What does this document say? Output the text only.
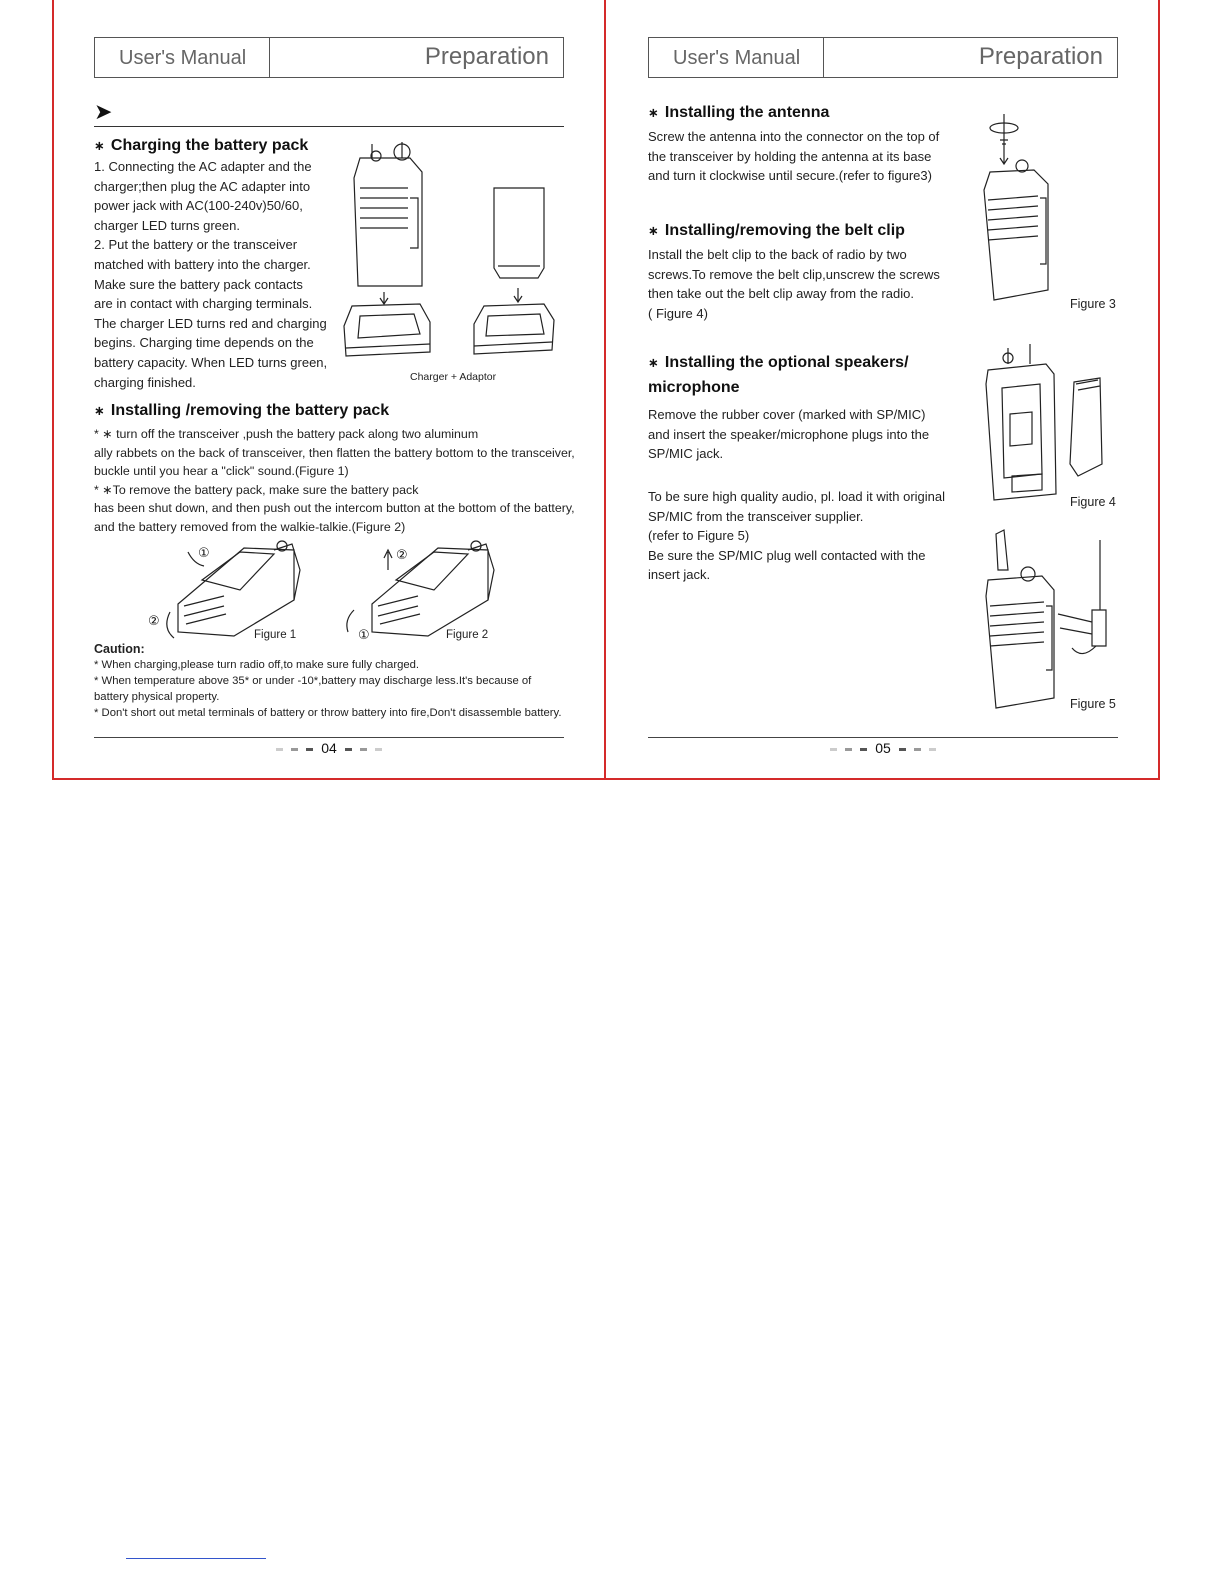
User's Manual	Preparation
➤
∗ Charging the battery pack
1. Connecting the AC adapter and the
charger;then plug the AC adapter into
power jack with AC(100-240v)50/60,
charger LED turns green.
2. Put the battery or the transceiver
matched with battery into the charger.
Make sure the battery pack contacts
are in contact with charging terminals.
The charger LED turns red and charging
begins. Charging time depends on the
battery capacity. When LED turns green,
charging finished.	Charger + Adaptor
∗ Installing /removing the battery pack
* ∗ turn off the transceiver ,push the battery pack along two aluminum
ally rabbets on the back of transceiver, then flatten the battery bottom to the transceiver,
buckle until you hear a "click" sound.(Figure 1)
* ∗To remove the battery pack, make sure the battery pack
has been shut down, and then push out the intercom button at the bottom of the battery,
and the battery removed from the walkie-talkie.(Figure 2)
①
②
②
①
Figure 1	Figure 2
Caution:
* When charging,please turn radio off,to make sure fully charged.
* When temperature above 35* or under -10*,battery may discharge less.It's because of
battery physical property.
* Don't short out metal terminals of battery or throw battery into fire,Don't disassemble battery.
04
User's Manual	Preparation
∗ Installing the antenna
Screw the antenna into the connector on the top of
the transceiver by holding the antenna at its base
and turn it clockwise until secure.(refer to figure3)
∗ Installing/removing the belt clip
Install the belt clip to the back of radio by two
screws.To remove the belt clip,unscrew the screws
then take out the belt clip away from the radio.
( Figure 4)
∗ Installing the optional speakers/
microphone
Remove the rubber cover (marked with SP/MIC)
and insert the speaker/microphone plugs into the
SP/MIC jack.
To be sure high quality audio, pl. load it with original
SP/MIC from the transceiver supplier.
(refer to Figure 5)
Be sure the SP/MIC plug well contacted with the
insert jack.
Figure 3
Figure 4
Figure 5
05
